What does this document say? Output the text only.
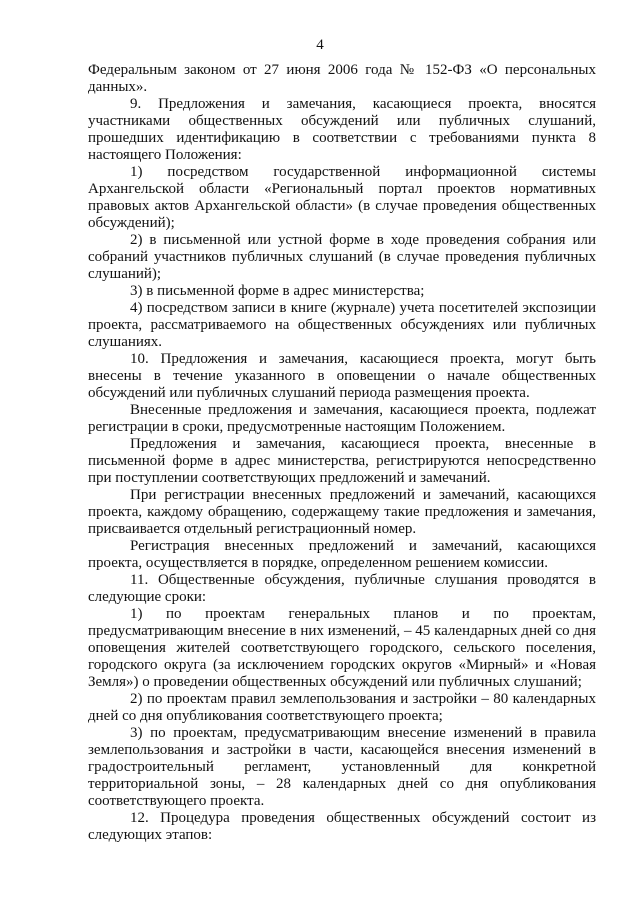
4

Федеральным законом от 27 июня 2006 года № 152-ФЗ «О персональных данных».

9. Предложения и замечания, касающиеся проекта, вносятся участниками общественных обсуждений или публичных слушаний, прошедших идентификацию в соответствии с требованиями пункта 8 настоящего Положения:

1) посредством государственной информационной системы Архангельской области «Региональный портал проектов нормативных правовых актов Архангельской области» (в случае проведения общественных обсуждений);

2) в письменной или устной форме в ходе проведения собрания или собраний участников публичных слушаний (в случае проведения публичных слушаний);

3) в письменной форме в адрес министерства;

4) посредством записи в книге (журнале) учета посетителей экспозиции проекта, рассматриваемого на общественных обсуждениях или публичных слушаниях.

10. Предложения и замечания, касающиеся проекта, могут быть внесены в течение указанного в оповещении о начале общественных обсуждений или публичных слушаний периода размещения проекта.

Внесенные предложения и замечания, касающиеся проекта, подлежат регистрации в сроки, предусмотренные настоящим Положением.

Предложения и замечания, касающиеся проекта, внесенные в письменной форме в адрес министерства, регистрируются непосредственно при поступлении соответствующих предложений и замечаний.

При регистрации внесенных предложений и замечаний, касающихся проекта, каждому обращению, содержащему такие предложения и замечания, присваивается отдельный регистрационный номер.

Регистрация внесенных предложений и замечаний, касающихся проекта, осуществляется в порядке, определенном решением комиссии.

11. Общественные обсуждения, публичные слушания проводятся в следующие сроки:

1) по проектам генеральных планов и по проектам, предусматривающим внесение в них изменений, – 45 календарных дней со дня оповещения жителей соответствующего городского, сельского поселения, городского округа (за исключением городских округов «Мирный» и «Новая Земля») о проведении общественных обсуждений или публичных слушаний;

2) по проектам правил землепользования и застройки – 80 календарных дней со дня опубликования соответствующего проекта;

3) по проектам, предусматривающим внесение изменений в правила землепользования и застройки в части, касающейся внесения изменений в градостроительный регламент, установленный для конкретной территориальной зоны, – 28 календарных дней со дня опубликования соответствующего проекта.

12. Процедура проведения общественных обсуждений состоит из следующих этапов:
